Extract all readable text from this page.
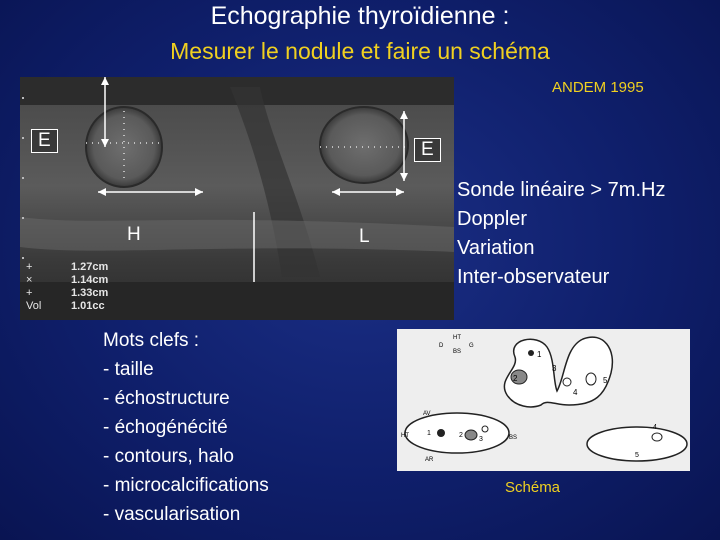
Echographie thyroïdienne :
Mesurer le nodule et faire un schéma
ANDEM 1995
E	E
H	L
+	1.27cm
×	1.14cm
+	1.33cm
Vol	1.01cc
Sonde linéaire > 7m.Hz
Doppler
Variation
Inter-observateur
Mots clefs :
- taille
- échostructure
- échogénécité
- contours, halo
- microcalcifications
- vascularisation
1
2
3
4
5
1	2
3
4
5
HT
BS
D	G
AV
HT	BS
AR
Schéma
